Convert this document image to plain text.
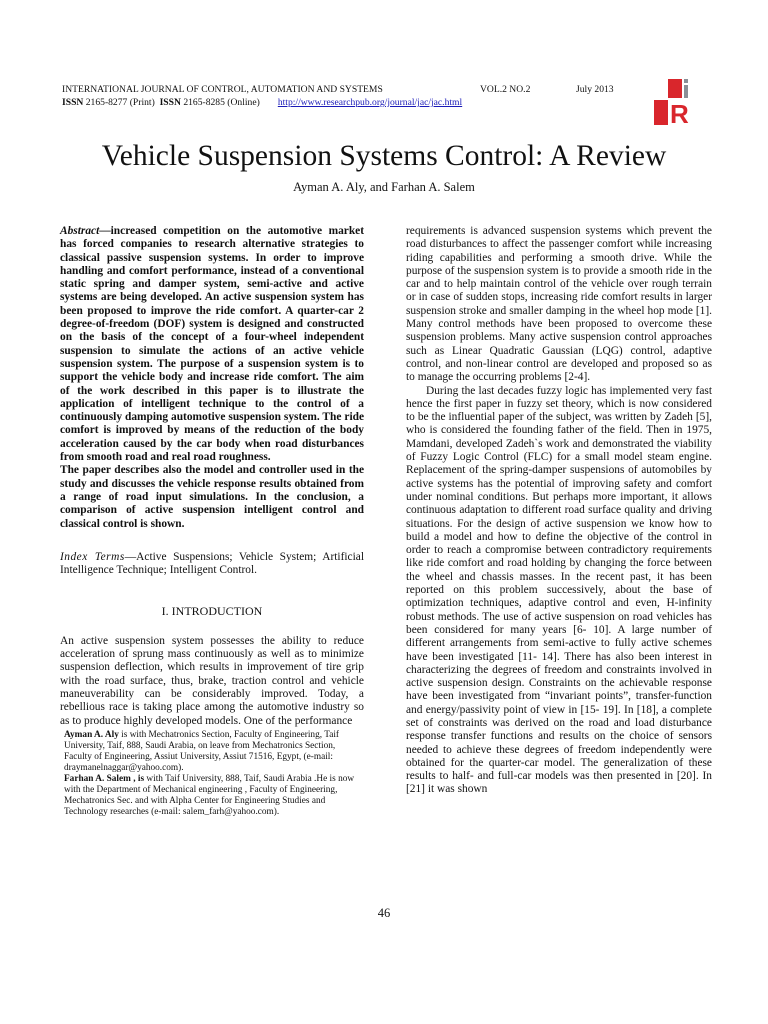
INTERNATIONAL JOURNAL OF CONTROL, AUTOMATION AND SYSTEMS	VOL.2 NO.2	July 2013
ISSN
2165-8277 (Print)
ISSN
2165-8285 (Online) http://www.researchpub.org/journal/jac/jac.html	R
Vehicle Suspension Systems Control: A Review
Ayman A. Aly, and Farhan A. Salem

Abstract—increased competition on the automotive market has forced companies to research alternative strategies to classical passive suspension systems. In order to improve handling and comfort performance, instead of a conventional static spring and damper system, semi-active and active systems are being developed. An active suspension system has been proposed to improve the ride comfort. A quarter-car 2 degree-of-freedom (DOF) system is designed and constructed on the basis of the concept of a four-wheel independent suspension to simulate the actions of an active vehicle suspension system. The purpose of a suspension system is to support the vehicle body and increase ride comfort. The aim of the work described in this paper is to illustrate the application of intelligent technique to the control of a continuously damping automotive suspension system. The ride comfort is improved by means of the reduction of the body acceleration caused by the car body when road disturbances from smooth road and real road roughness.

The paper describes also the model and controller used in the study and discusses the vehicle response results obtained from a range of road input simulations. In the conclusion, a comparison of active suspension intelligent control and classical control is shown.

Index Terms—Active Suspensions; Vehicle System; Artificial Intelligence Technique; Intelligent Control.
I. INTRODUCTION

An active suspension system possesses the ability to reduce acceleration of sprung mass continuously as well as to minimize suspension deflection, which results in improvement of tire grip with the road surface, thus, brake, traction control and vehicle maneuverability can be considerably improved. Today, a rebellious race is taking place among the automotive industry so as to produce highly developed models. One of the performance

Ayman A. Aly is with Mechatronics Section, Faculty of Engineering, Taif University, Taif, 888, Saudi Arabia, on leave from Mechatronics Section, Faculty of Engineering, Assiut University, Assiut 71516, Egypt, (e-mail: draymanelnaggar@yahoo.com).

Farhan A. Salem , is with Taif University, 888, Taif, Saudi Arabia .He is now with the Department of Mechanical engineering , Faculty of Engineering, Mechatronics Sec. and with Alpha Center for Engineering Studies and Technology researches (e-mail: salem_farh@yahoo.com).

requirements is advanced suspension systems which prevent the road disturbances to affect the passenger comfort while increasing riding capabilities and performing a smooth drive. While the purpose of the suspension system is to provide a smooth ride in the car and to help maintain control of the vehicle over rough terrain or in case of sudden stops, increasing ride comfort results in larger suspension stroke and smaller damping in the wheel hop mode [1]. Many control methods have been proposed to overcome these suspension problems. Many active suspension control approaches such as Linear Quadratic Gaussian (LQG) control, adaptive control, and non-linear control are developed and proposed so as to manage the occurring problems [2-4].

During the last decades fuzzy logic has implemented very fast hence the first paper in fuzzy set theory, which is now considered to be the influential paper of the subject, was written by Zadeh [5], who is considered the founding father of the field. Then in 1975, Mamdani, developed Zadeh`s work and demonstrated the viability of Fuzzy Logic Control (FLC) for a small model steam engine. Replacement of the spring-damper suspensions of automobiles by active systems has the potential of improving safety and comfort under nominal conditions. But perhaps more important, it allows continuous adaptation to different road surface quality and driving situations. For the design of active suspension we know how to build a model and how to define the objective of the control in order to reach a compromise between contradictory requirements like ride comfort and road holding by changing the force between the wheel and chassis masses. In the recent past, it has been reported on this problem successively, about the base of optimization techniques, adaptive control and even, H-infinity robust methods. The use of active suspension on road vehicles has been considered for many years [6- 10]. A large number of different arrangements from semi-active to fully active schemes have been investigated [11- 14]. There has also been interest in characterizing the degrees of freedom and constraints involved in active suspension design. Constraints on the achievable response have been investigated from “invariant points”, transfer-function and energy/passivity point of view in [15- 19]. In [18], a complete set of constraints was derived on the road and load disturbance response transfer functions and results on the choice of sensors needed to achieve these degrees of freedom independently were obtained for the quarter-car model. The generalization of these results to half- and full-car models was then presented in [20]. In [21] it was shown

46
